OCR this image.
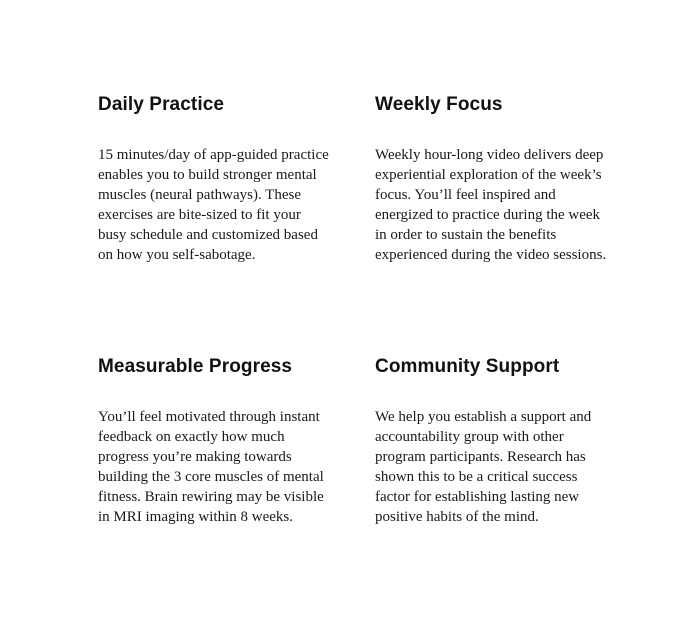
Daily Practice

15 minutes/day of app-guided practice enables you to build stronger mental muscles (neural pathways). These exercises are bite-sized to fit your busy schedule and customized based on how you self-sabotage.

Weekly Focus

Weekly hour-long video delivers deep experiential exploration of the week’s focus. You’ll feel inspired and energized to practice during the week in order to sustain the benefits experienced during the video sessions.

Measurable Progress

You’ll feel motivated through instant feedback on exactly how much progress you’re making towards building the 3 core muscles of mental fitness. Brain rewiring may be visible in MRI imaging within 8 weeks.

Community Support

We help you establish a support and accountability group with other program participants. Research has shown this to be a critical success factor for establishing lasting new positive habits of the mind.
